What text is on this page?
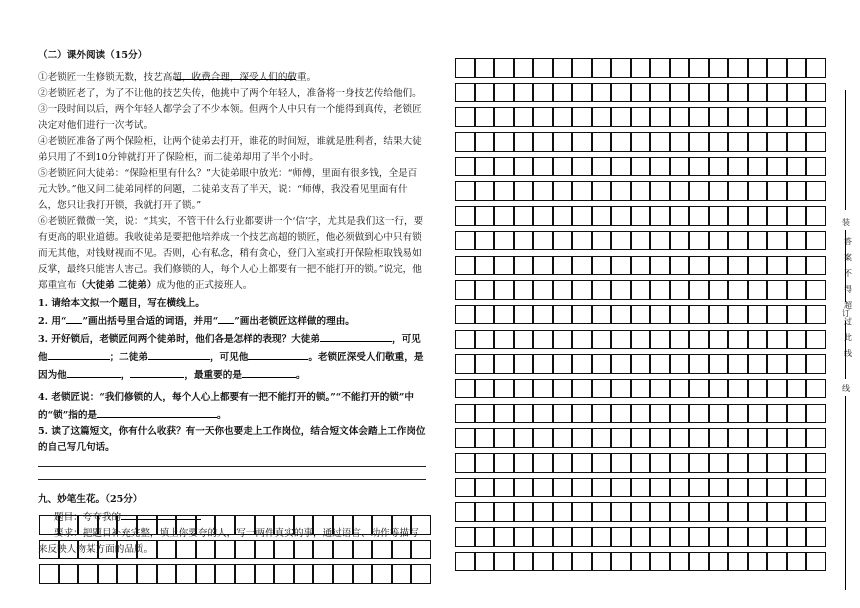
（二）课外阅读（15分）

①老锁匠一生修锁无数，技艺高超，收费合理，深受人们的敬重。

②老锁匠老了，为了不让他的技艺失传，他挑中了两个年轻人，准备将一身技艺传给他们。

③一段时间以后，两个年轻人都学会了不少本领。但两个人中只有一个能得到真传，老锁匠决定对他们进行一次考试。

④老锁匠准备了两个保险柜，让两个徒弟去打开，谁花的时间短，谁就是胜利者，结果大徒弟只用了不到10分钟就打开了保险柜，而二徒弟却用了半个小时。

⑤老锁匠问大徒弟：“保险柜里有什么？”大徒弟眼中放光：“师傅，里面有很多钱，全是百元大钞。”他又问二徒弟同样的问题，二徒弟支吾了半天，说：“师傅，我没看见里面有什么，您只让我打开锁，我就打开了锁。”

⑥老锁匠微微一笑，说：“其实，不管干什么行业都要讲一个‘信’字，尤其是我们这一行，要有更高的职业道德。我收徒弟是要把他培养成一个技艺高超的锁匠，他必须做到心中只有锁而无其他，对钱财视而不见。否则，心有私念，稍有贪心，登门入室或打开保险柜取钱易如反掌，最终只能害人害己。我们修锁的人，每个人心上都要有一把不能打开的锁。”说完，他郑重宣布（大徒弟 二徒弟）成为他的正式接班人。

1. 请给本文拟一个题目，写在横线上。

2. 用“ ”画出括号里合适的词语，并用“ ”画出老锁匠这样做的理由。

3. 开好锁后，老锁匠问两个徒弟时，他们各是怎样的表现？大徒弟	，可见他	；二徒弟	，可见他	。老锁匠深受人们敬重，是因为他	，	，最重要的是	。

4. 老锁匠说：“我们修锁的人，每个人心上都要有一把不能打开的锁。”“不能打开的锁”中的“锁”指的是	。

5. 读了这篇短文，你有什么收获？有一天你也要走上工作岗位，结合短文体会踏上工作岗位的自己写几句话。

九、妙笔生花。（25分）

题目：夸夸我的

要求：把题目补充完整，填上你要夸的人，写一两件真实的事，通过语言、动作等描写来反映人物某方面的品质。

装
订
线
答
案
不
得
超
过
此
线
